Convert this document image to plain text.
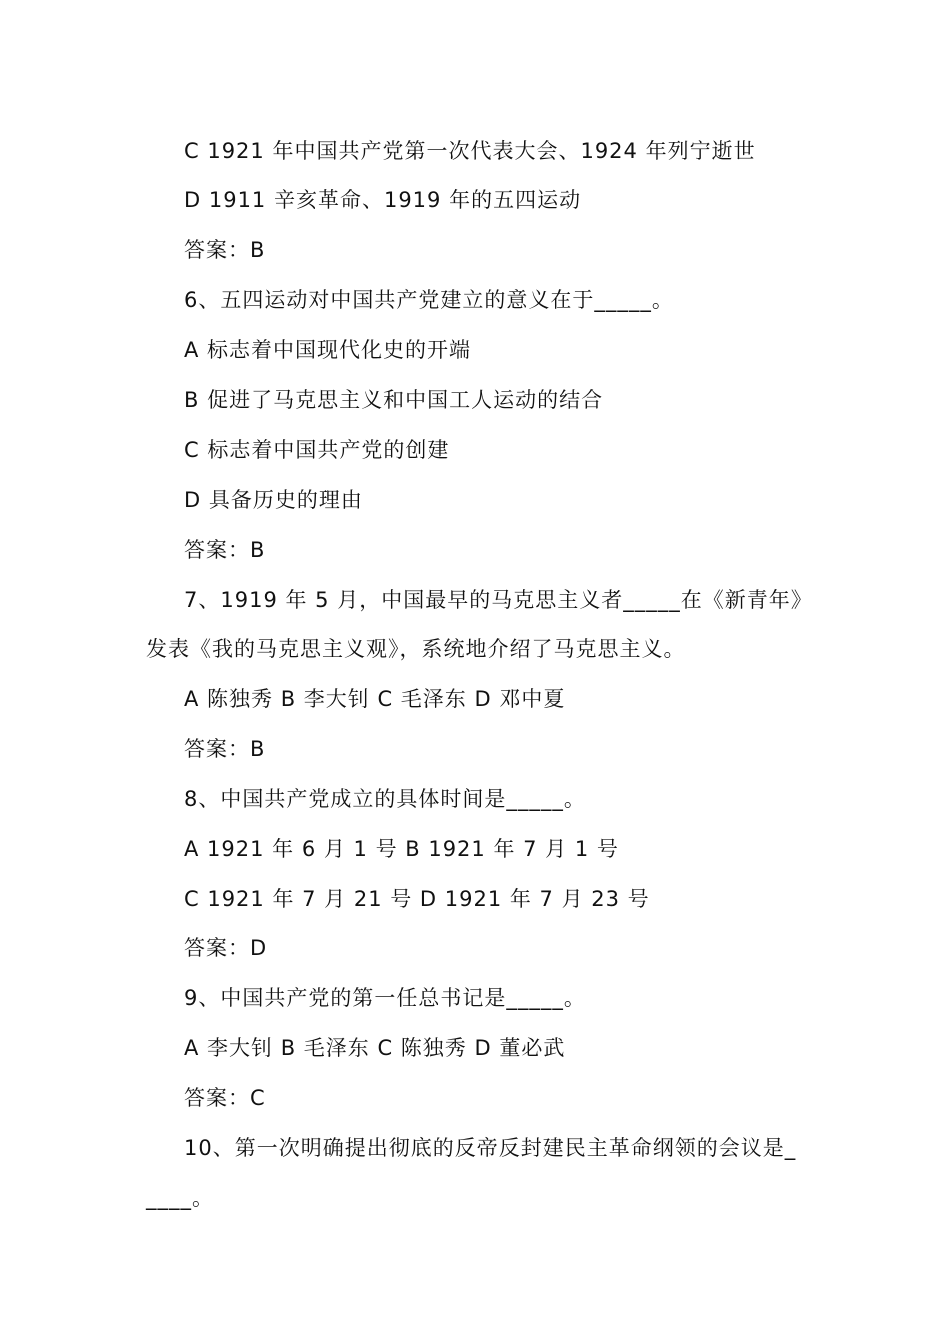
C 1921 年中国共产党第一次代表大会、1924 年列宁逝世
D 1911 辛亥革命、1919 年的五四运动
答案：B
6、五四运动对中国共产党建立的意义在于_____。
A 标志着中国现代化史的开端
B 促进了马克思主义和中国工人运动的结合
C 标志着中国共产党的创建
D 具备历史的理由
答案：B
7、1919 年 5 月，中国最早的马克思主义者_____在《新青年》
发表《我的马克思主义观》，系统地介绍了马克思主义。
A 陈独秀 B 李大钊 C 毛泽东 D 邓中夏
答案：B
8、中国共产党成立的具体时间是_____。
A 1921 年 6 月 1 号 B 1921 年 7 月 1 号
C 1921 年 7 月 21 号 D 1921 年 7 月 23 号
答案：D
9、中国共产党的第一任总书记是_____。
A 李大钊 B 毛泽东 C 陈独秀 D 董必武
答案：C
10、第一次明确提出彻底的反帝反封建民主革命纲领的会议是_
____。
